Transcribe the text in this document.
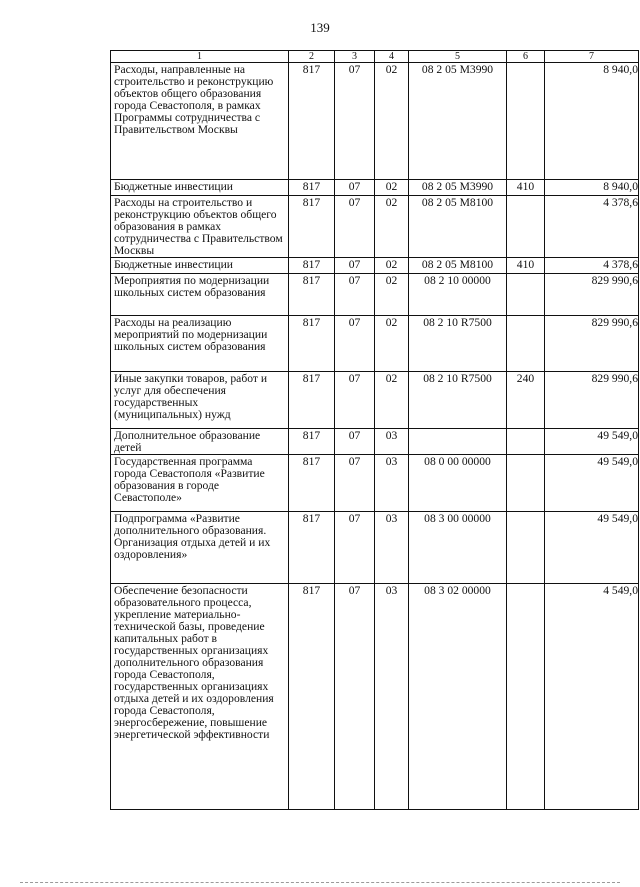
139
1	2	3	4	5	6	7
Расходы, направленные на строительство и реконструкцию объектов общего образования города Севастополя, в рамках Программы сотрудничества с Правительством Москвы	817	07	02	08 2 05 М3990		8 940,0
Бюджетные инвестиции	817	07	02	08 2 05 М3990	410	8 940,0
Расходы на строительство и реконструкцию объектов общего образования в рамках сотрудничества с Правительством Москвы	817	07	02	08 2 05 М8100		4 378,6
Бюджетные инвестиции	817	07	02	08 2 05 М8100	410	4 378,6
Мероприятия по модернизации школьных систем образования	817	07	02	08 2 10 00000		829 990,6
Расходы на реализацию мероприятий по модернизации школьных систем образования	817	07	02	08 2 10 R7500		829 990,6
Иные закупки товаров, работ и услуг для обеспечения государственных (муниципальных) нужд	817	07	02	08 2 10 R7500	240	829 990,6
Дополнительное образование детей	817	07	03			49 549,0
Государственная программа города Севастополя «Развитие образования в городе Севастополе»	817	07	03	08 0 00 00000		49 549,0
Подпрограмма «Развитие дополнительного образования. Организация отдыха детей и их оздоровления»	817	07	03	08 3 00 00000		49 549,0
Обеспечение безопасности образовательного процесса, укрепление материально-технической базы, проведение капитальных работ в государственных организациях дополнительного образования города Севастополя, государственных организациях отдыха детей и их оздоровления города Севастополя, энергосбережение, повышение энергетической эффективности	817	07	03	08 3 02 00000		4 549,0
